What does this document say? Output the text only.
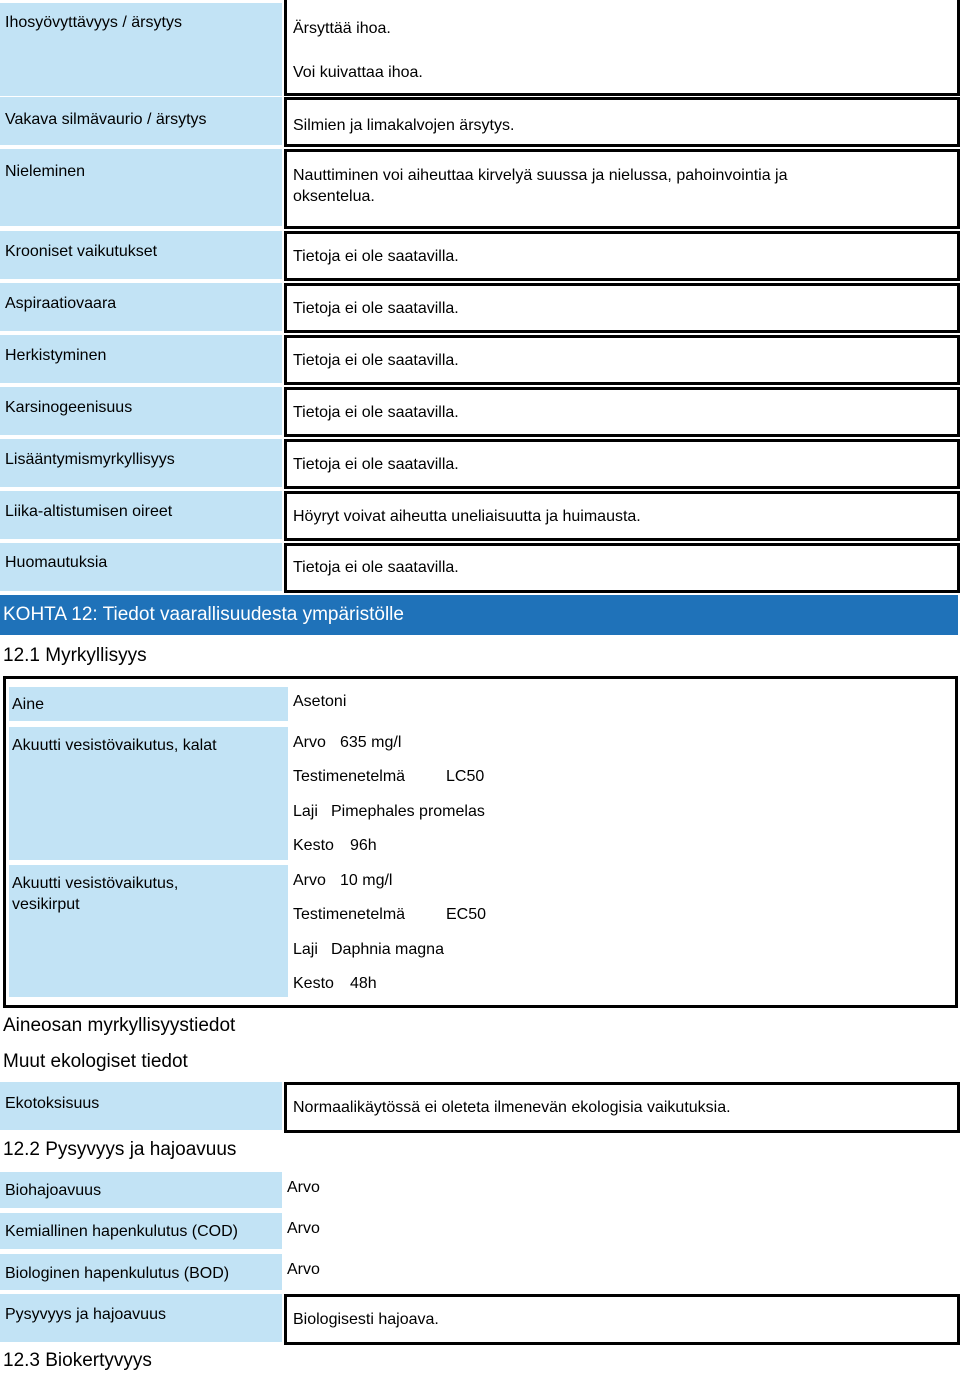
Ihosyövyttävyys / ärsytys	Ärsyttää ihoa.
Voi kuivattaa ihoa.
Vakava silmävaurio / ärsytys	Silmien ja limakalvojen ärsytys.
Nieleminen	Nauttiminen voi aiheuttaa kirvelyä suussa ja nielussa, pahoinvointia ja
oksentelua.
Krooniset vaikutukset	Tietoja ei ole saatavilla.
Aspiraatiovaara	Tietoja ei ole saatavilla.
Herkistyminen	Tietoja ei ole saatavilla.
Karsinogeenisuus	Tietoja ei ole saatavilla.
Lisääntymismyrkyllisyys	Tietoja ei ole saatavilla.
Liika-altistumisen oireet	Höyryt voivat aiheutta uneliaisuutta ja huimausta.
Huomautuksia	Tietoja ei ole saatavilla.
KOHTA 12: Tiedot vaarallisuudesta ympäristölle
12.1 Myrkyllisyys
Aine	Asetoni
Akuutti vesistövaikutus, kalat	Arvo 635 mg/l
Testimenetelmä	LC50
Laji Pimephales promelas
Kesto 96h
Akuutti vesistövaikutus,
vesikirput
Arvo 10 mg/l
Testimenetelmä	EC50
Laji Daphnia magna
Kesto 48h
Aineosan myrkyllisyystiedot
Muut ekologiset tiedot
Ekotoksisuus	Normaalikäytössä ei oleteta ilmenevän ekologisia vaikutuksia.
12.2 Pysyvyys ja hajoavuus
Biohajoavuus	Arvo
Kemiallinen hapenkulutus (COD)	Arvo
Biologinen hapenkulutus (BOD)	Arvo
Pysyvyys ja hajoavuus	Biologisesti hajoava.
12.3 Biokertyvyys
